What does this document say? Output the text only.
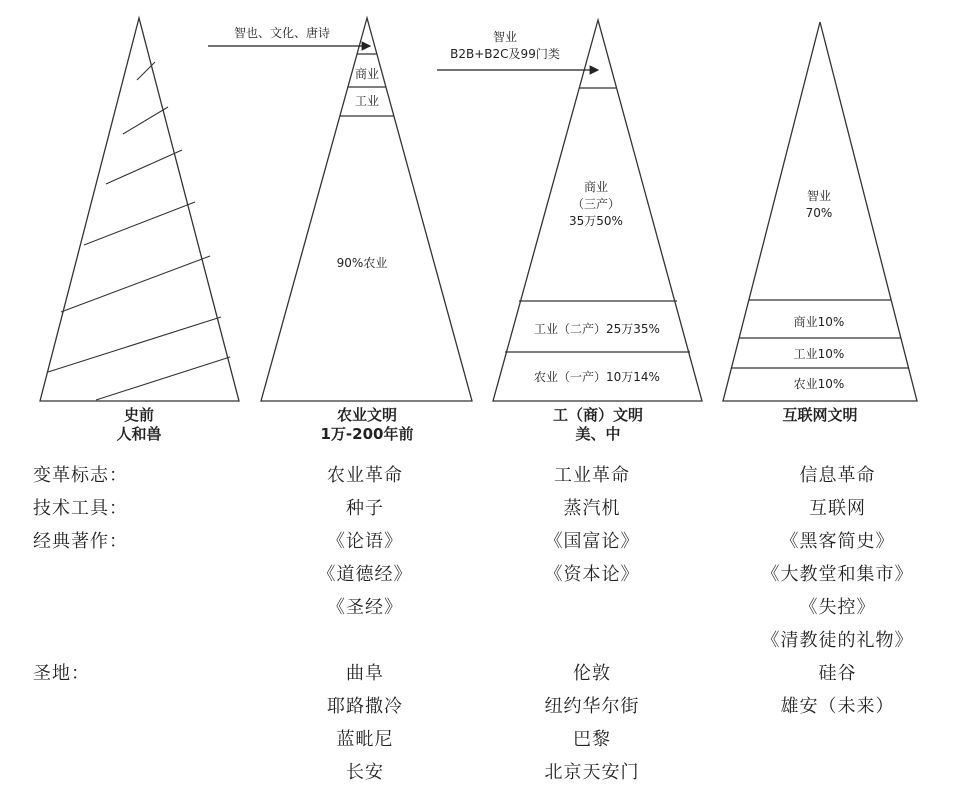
史前
人和兽
商业
工业
90%农业
智也、文化、唐诗
农业文明
1万-200年前
商业
（三产）
35万50%
工业（二产）25万35%
农业（一产）10万14%
智业
B2B+B2C及99门类
工（商）文明
美、中
智业
70%
商业10%
工业10%
农业10%
互联网文明
变革标志：
技术工具：
经典著作：
圣地：
农业革命
种子
《论语》
《道德经》
《圣经》
曲阜
耶路撒冷
蓝毗尼
长安
工业革命
蒸汽机
《国富论》
《资本论》
伦敦
纽约华尔街
巴黎
北京天安门
信息革命
互联网
《黑客简史》
《大教堂和集市》
《失控》
《清教徒的礼物》
硅谷
雄安（未来）
